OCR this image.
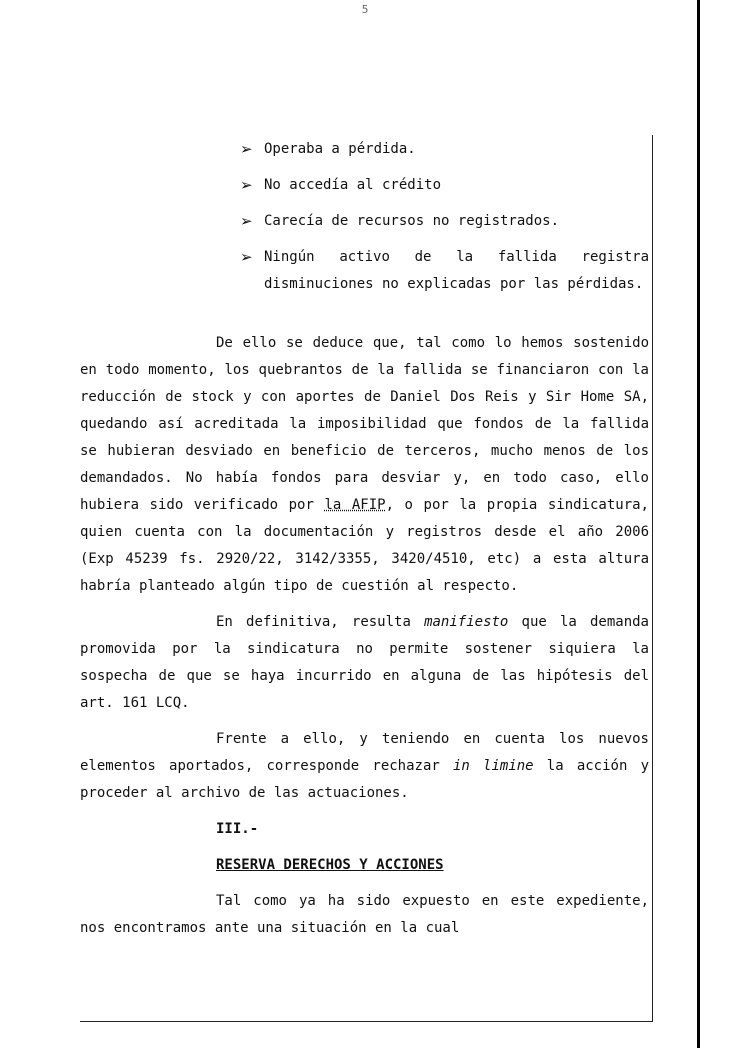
5
➢ Operaba a pérdida.
➢ No accedía al crédito
➢ Carecía de recursos no registrados.
➢ Ningún activo de la fallida registra disminuciones no explicadas por las pérdidas.

De ello se deduce que, tal como lo hemos sostenido en todo momento, los quebrantos de la fallida se financiaron con la reducción de stock y con aportes de Daniel Dos Reis y Sir Home SA, quedando así acreditada la imposibilidad que fondos de la fallida se hubieran desviado en beneficio de terceros, mucho menos de los demandados. No había fondos para desviar y, en todo caso, ello hubiera sido verificado por la AFIP, o por la propia sindicatura, quien cuenta con la documentación y registros desde el año 2006 (Exp 45239 fs. 2920/22, 3142/3355, 3420/4510, etc) a esta altura habría planteado algún tipo de cuestión al respecto.

En definitiva, resulta manifiesto que la demanda promovida por la sindicatura no permite sostener siquiera la sospecha de que se haya incurrido en alguna de las hipótesis del art. 161 LCQ.

Frente a ello, y teniendo en cuenta los nuevos elementos aportados, corresponde rechazar in limine la acción y proceder al archivo de las actuaciones.

III.-
RESERVA DERECHOS Y ACCIONES

Tal como ya ha sido expuesto en este expediente, nos encontramos ante una situación en la cual
